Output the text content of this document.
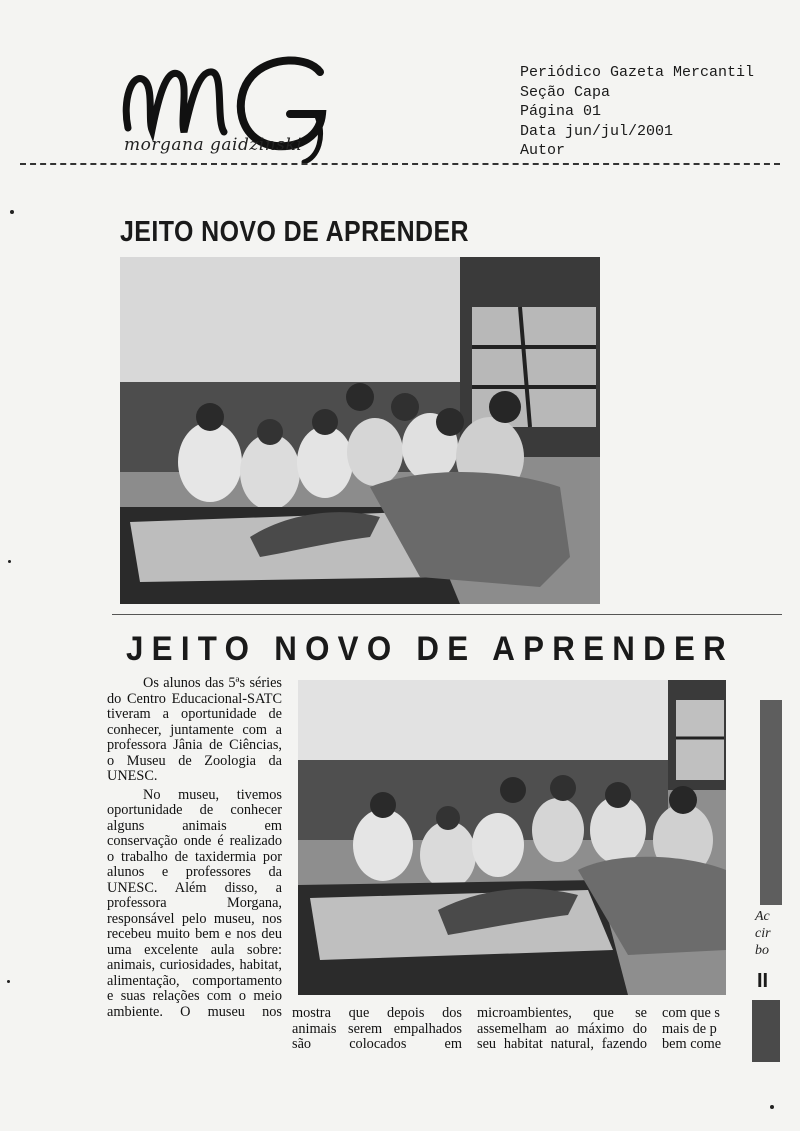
morgana gaidzinski
Periódico Gazeta Mercantil
Seção Capa
Página 01
Data jun/jul/2001
Autor
JEITO NOVO DE APRENDER
JEITO NOVO DE APRENDER

Os alunos das 5ªs séries do Centro Educacional-SATC tiveram a oportunidade de conhecer, juntamente com a professora Jânia de Ciências, o Museu de Zoologia da UNESC.

No museu, tivemos oportunidade de conhecer alguns animais em conservação onde é realizado o trabalho de taxidermia por alunos e professores da UNESC. Além disso, a professora Morgana, responsável pelo museu, nos recebeu muito bem e nos deu uma excelente aula sobre: animais, curiosidades, habitat, alimentação, comportamento e suas relações com o meio ambiente. O museu nos mostra que depois dos animais serem empalhados são colocados em

microambientes, que se assemelham ao máximo do seu habitat natural, fazendo

com que s
mais de p
bem come
Ac
cir
bo
II
